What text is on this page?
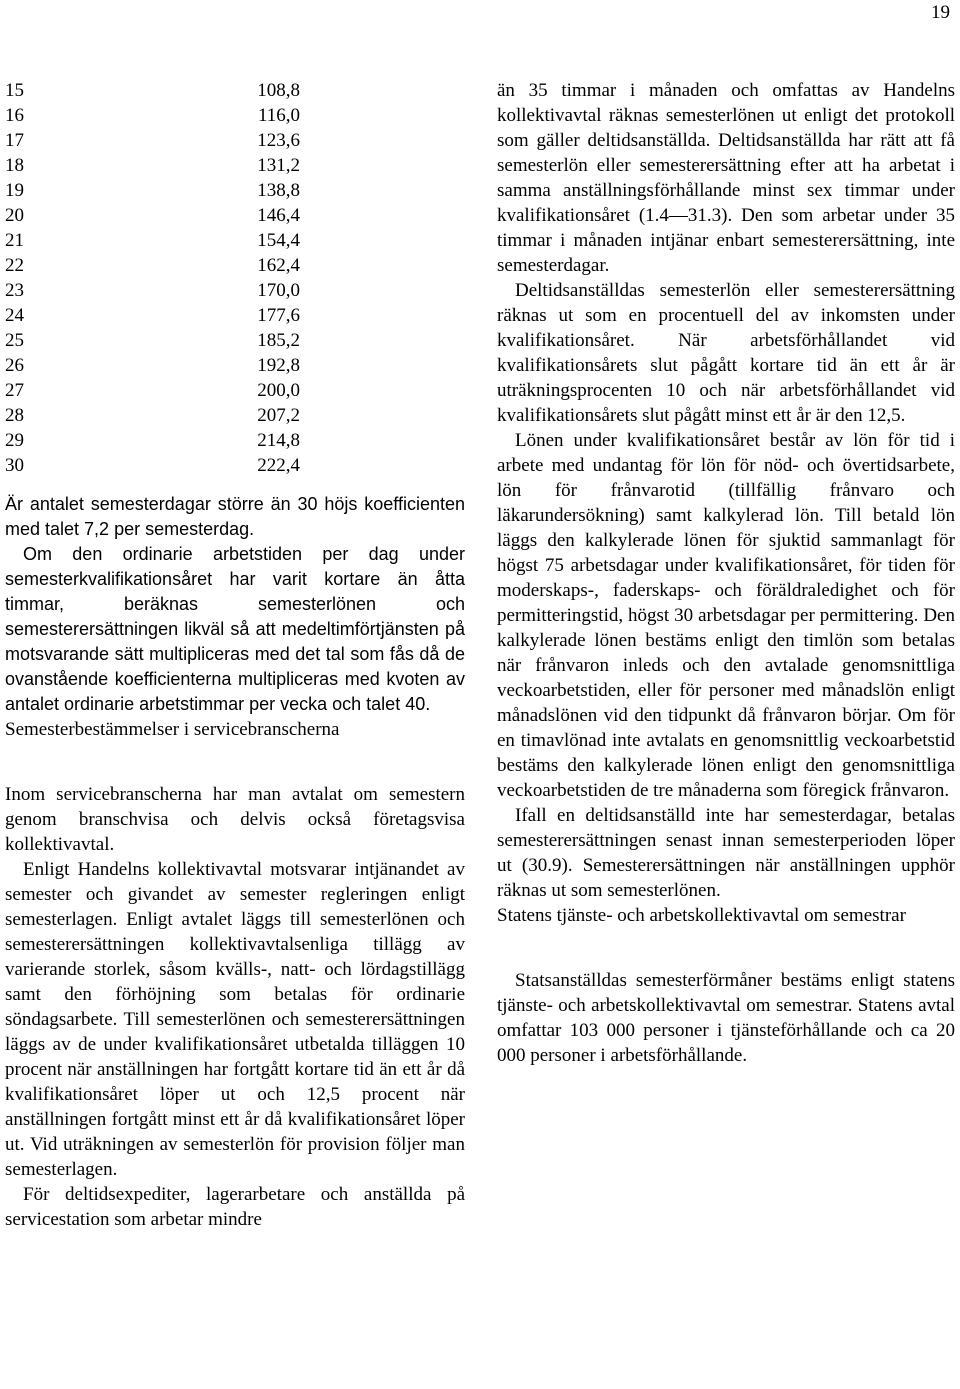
19
15	108,8
16	116,0
17	123,6
18	131,2
19	138,8
20	146,4
21	154,4
22	162,4
23	170,0
24	177,6
25	185,2
26	192,8
27	200,0
28	207,2
29	214,8
30	222,4

Är antalet semesterdagar större än 30 höjs koefficienten med talet 7,2 per semesterdag.

Om den ordinarie arbetstiden per dag under semesterkvalifikationsåret har varit kortare än åtta timmar, beräknas semesterlönen och semesterersättningen likväl så att medeltimförtjänsten på motsvarande sätt multipliceras med det tal som fås då de ovanstående koefficienterna multipliceras med kvoten av antalet ordinarie arbetstimmar per vecka och talet 40.

Semesterbestämmelser i servicebranscherna

Inom servicebranscherna har man avtalat om semestern genom branschvisa och delvis också företagsvisa kollektivavtal.

Enligt Handelns kollektivavtal motsvarar intjänandet av semester och givandet av semester regleringen enligt semesterlagen. Enligt avtalet läggs till semesterlönen och semesterersättningen kollektivavtalsenliga tillägg av varierande storlek, såsom kvälls-, natt- och lördagstillägg samt den förhöjning som betalas för ordinarie söndagsarbete. Till semesterlönen och semesterersättningen läggs av de under kvalifikationsåret utbetalda tilläggen 10 procent när anställningen har fortgått kortare tid än ett år då kvalifikationsåret löper ut och 12,5 procent när anställningen fortgått minst ett år då kvalifikationsåret löper ut. Vid uträkningen av semesterlön för provision följer man semesterlagen.

För deltidsexpediter, lagerarbetare och anställda på servicestation som arbetar mindre

än 35 timmar i månaden och omfattas av Handelns kollektivavtal räknas semesterlönen ut enligt det protokoll som gäller deltidsanställda. Deltidsanställda har rätt att få semesterlön eller semesterersättning efter att ha arbetat i samma anställningsförhållande minst sex timmar under kvalifikationsåret (1.4—31.3). Den som arbetar under 35 timmar i månaden intjänar enbart semesterersättning, inte semesterdagar.

Deltidsanställdas semesterlön eller semesterersättning räknas ut som en procentuell del av inkomsten under kvalifikationsåret. När arbetsförhållandet vid kvalifikationsårets slut pågått kortare tid än ett år är uträkningsprocenten 10 och när arbetsförhållandet vid kvalifikationsårets slut pågått minst ett år är den 12,5.

Lönen under kvalifikationsåret består av lön för tid i arbete med undantag för lön för nöd- och övertidsarbete, lön för frånvarotid (tillfällig frånvaro och läkarundersökning) samt kalkylerad lön. Till betald lön läggs den kalkylerade lönen för sjuktid sammanlagt för högst 75 arbetsdagar under kvalifikationsåret, för tiden för moderskaps-, faderskaps- och föräldraledighet och för permitteringstid, högst 30 arbetsdagar per permittering. Den kalkylerade lönen bestäms enligt den timlön som betalas när frånvaron inleds och den avtalade genomsnittliga veckoarbetstiden, eller för personer med månadslön enligt månadslönen vid den tidpunkt då frånvaron börjar. Om för en timavlönad inte avtalats en genomsnittlig veckoarbetstid bestäms den kalkylerade lönen enligt den genomsnittliga veckoarbetstiden de tre månaderna som föregick frånvaron.

Ifall en deltidsanställd inte har semesterdagar, betalas semesterersättningen senast innan semesterperioden löper ut (30.9). Semesterersättningen när anställningen upphör räknas ut som semesterlönen.

Statens tjänste- och arbetskollektivavtal om semestrar

Statsanställdas semesterförmåner bestäms enligt statens tjänste- och arbetskollektivavtal om semestrar. Statens avtal omfattar 103 000 personer i tjänsteförhållande och ca 20 000 personer i arbetsförhållande.
